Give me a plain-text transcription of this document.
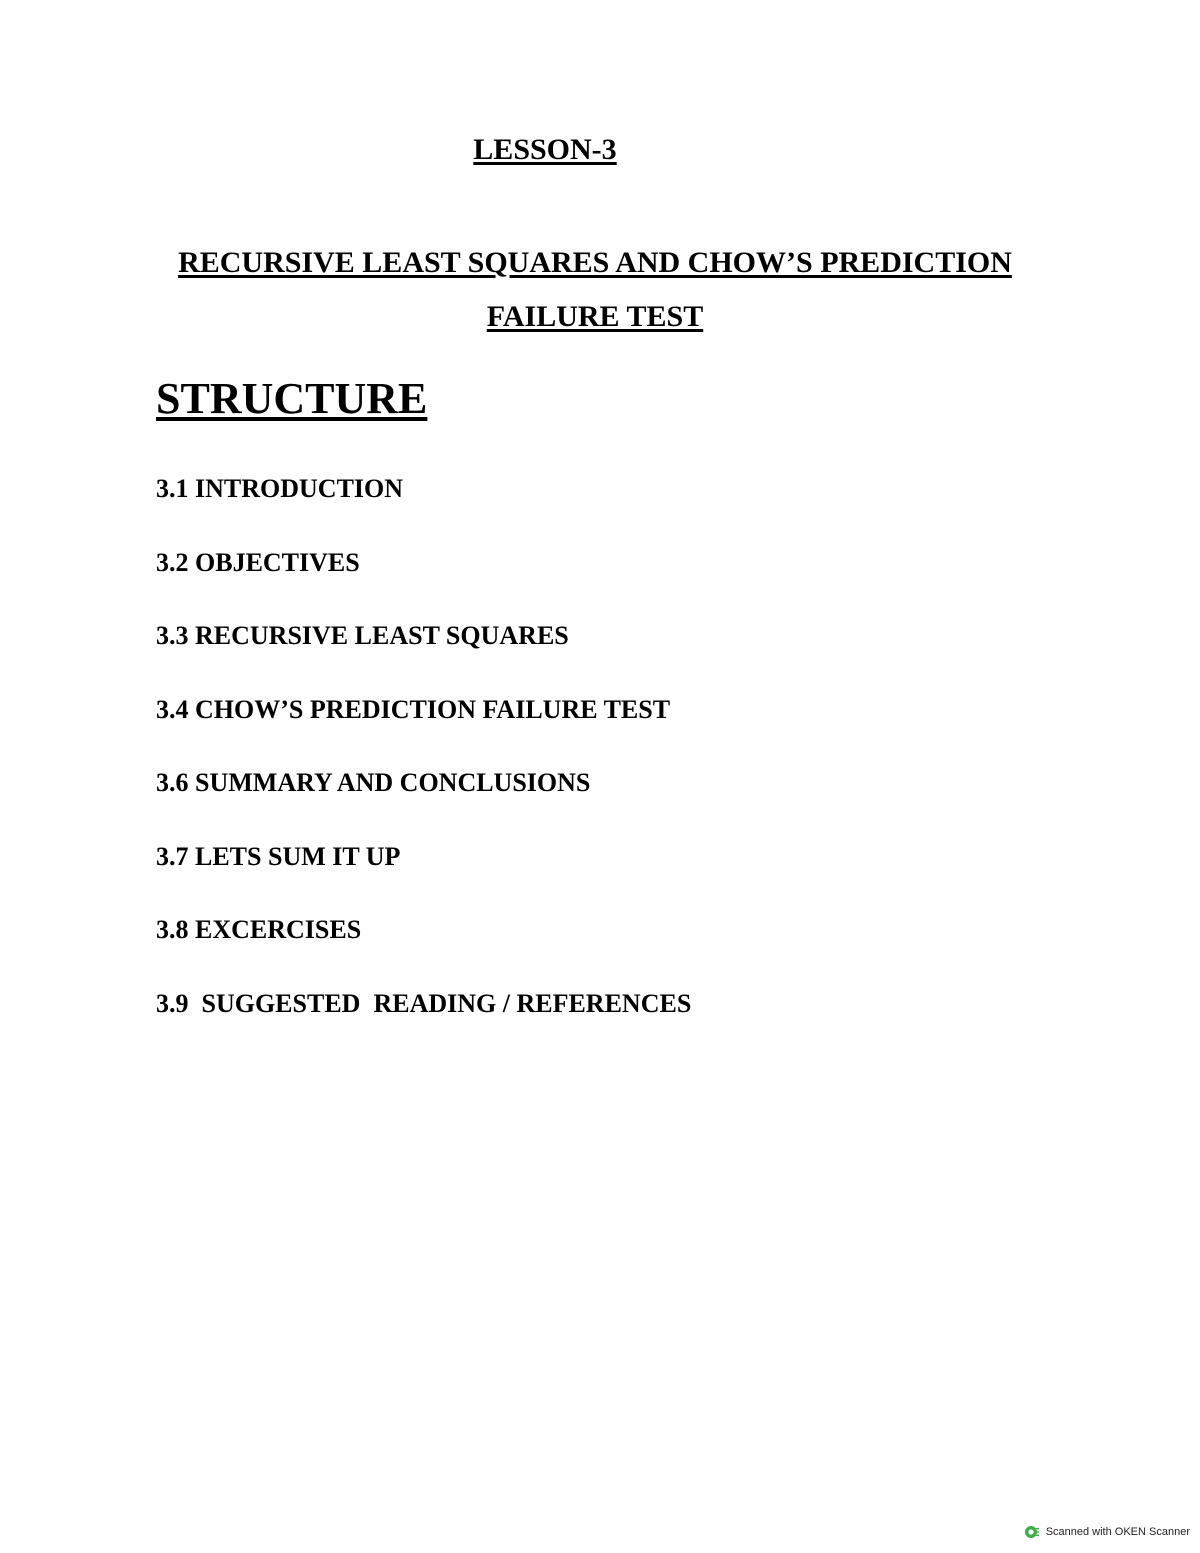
LESSON-3
RECURSIVE LEAST SQUARES AND CHOW’S PREDICTION
FAILURE TEST
STRUCTURE
3.1 INTRODUCTION
3.2 OBJECTIVES
3.3 RECURSIVE LEAST SQUARES
3.4 CHOW’S PREDICTION FAILURE TEST
3.6 SUMMARY AND CONCLUSIONS
3.7 LETS SUM IT UP
3.8 EXCERCISES
3.9  SUGGESTED  READING / REFERENCES
Scanned with OKEN Scanner
